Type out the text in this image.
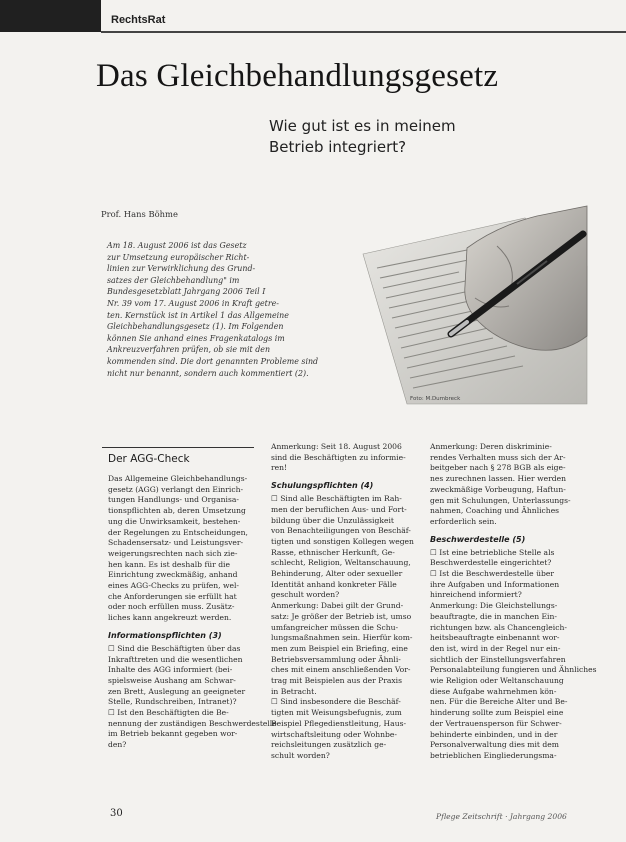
RechtsRat
Das Gleichbehandlungsgesetz
Wie gut ist es in meinem
Betrieb integriert?
Prof. Hans Böhme

Am 18. August 2006 ist das Gesetz
zur Umsetzung europäischer Richt-
linien zur Verwirklichung des Grund-
satzes der Gleichbehandlung" im
Bundesgesetzblatt Jahrgang 2006 Teil I
Nr. 39 vom 17. August 2006 in Kraft getre-
ten. Kernstück ist in Artikel 1 das Allgemeine
Gleichbehandlungsgesetz (1). Im Folgenden
können Sie anhand eines Fragenkatalogs im
Ankreuzverfahren prüfen, ob sie mit den
kommenden sind. Die dort genannten Probleme sind
nicht nur benannt, sondern auch kommentiert (2).

Foto: M.Dumbreck
Der AGG-Check

Das Allgemeine Gleichbehandlungs-
gesetz (AGG) verlangt den Einrich-
tungen Handlungs- und Organisa-
tionspflichten ab, deren Umsetzung
ung die Unwirksamkeit, bestehen-
der Regelungen zu Entscheidungen,
Schadensersatz- und Leistungsver-
weigerungsrechten nach sich zie-
hen kann. Es ist deshalb für die
Einrichtung zweckmäßig, anhand
eines AGG-Checks zu prüfen, wel-
che Anforderungen sie erfüllt hat
oder noch erfüllen muss. Zusätz-
liches kann angekreuzt werden.

Informationspflichten (3)

☐ Sind die Beschäftigten über das
Inkrafttreten und die wesentlichen
Inhalte des AGG informiert (bei-
spielsweise Aushang am Schwar-
zen Brett, Auslegung an geeigneter
Stelle, Rundschreiben, Intranet)?
☐ Ist den Beschäftigten die Be-
nennung der zuständigen Beschwerdestelle
im Betrieb bekannt gegeben wor-
den?

Anmerkung: Seit 18. August 2006
sind die Beschäftigten zu informie-
ren!

Schulungspflichten (4)

☐ Sind alle Beschäftigten im Rah-
men der beruflichen Aus- und Fort-
bildung über die Unzulässigkeit
von Benachteiligungen von Beschäf-
tigten und sonstigen Kollegen wegen
Rasse, ethnischer Herkunft, Ge-
schlecht, Religion, Weltanschauung,
Behinderung, Alter oder sexueller
Identität anhand konkreter Fälle
geschult worden?
Anmerkung: Dabei gilt der Grund-
satz: Je größer der Betrieb ist, umso
umfangreicher müssen die Schu-
lungsmaßnahmen sein. Hierfür kom-
men zum Beispiel ein Briefing, eine
Betriebsversammlung oder Ähnli-
ches mit einem anschließenden Vor-
trag mit Beispielen aus der Praxis
in Betracht.
☐ Sind insbesondere die Beschäf-
tigten mit Weisungsbefugnis, zum
Beispiel Pflegedienstleitung, Haus-
wirtschaftsleitung oder Wohnbe-
reichsleitungen zusätzlich ge-
schult worden?

Anmerkung: Deren diskriminie-
rendes Verhalten muss sich der Ar-
beitgeber nach § 278 BGB als eige-
nes zurechnen lassen. Hier werden
zweckmäßige Vorbeugung, Haftun-
gen mit Schulungen, Unterlassungs-
nahmen, Coaching und Ähnliches
erforderlich sein.

Beschwerdestelle (5)

☐ Ist eine betriebliche Stelle als
Beschwerdestelle eingerichtet?
☐ Ist die Beschwerdestelle über
ihre Aufgaben und Informationen
hinreichend informiert?
Anmerkung: Die Gleichstellungs-
beauftragte, die in manchen Ein-
richtungen bzw. als Chancengleich-
heitsbeauftragte einbenannt wor-
den ist, wird in der Regel nur ein-
sichtlich der Einstellungsverfahren
Personalabteilung fungieren und Ähnliches
wie Religion oder Weltanschauung
diese Aufgabe wahrnehmen kön-
nen. Für die Bereiche Alter und Be-
hinderung sollte zum Beispiel eine
der Vertrauensperson für Schwer-
behinderte einbinden, und in der
Personalverwaltung dies mit dem
betrieblichen Eingliederungsma-

30	Pflege Zeitschrift · Jahrgang 2006
